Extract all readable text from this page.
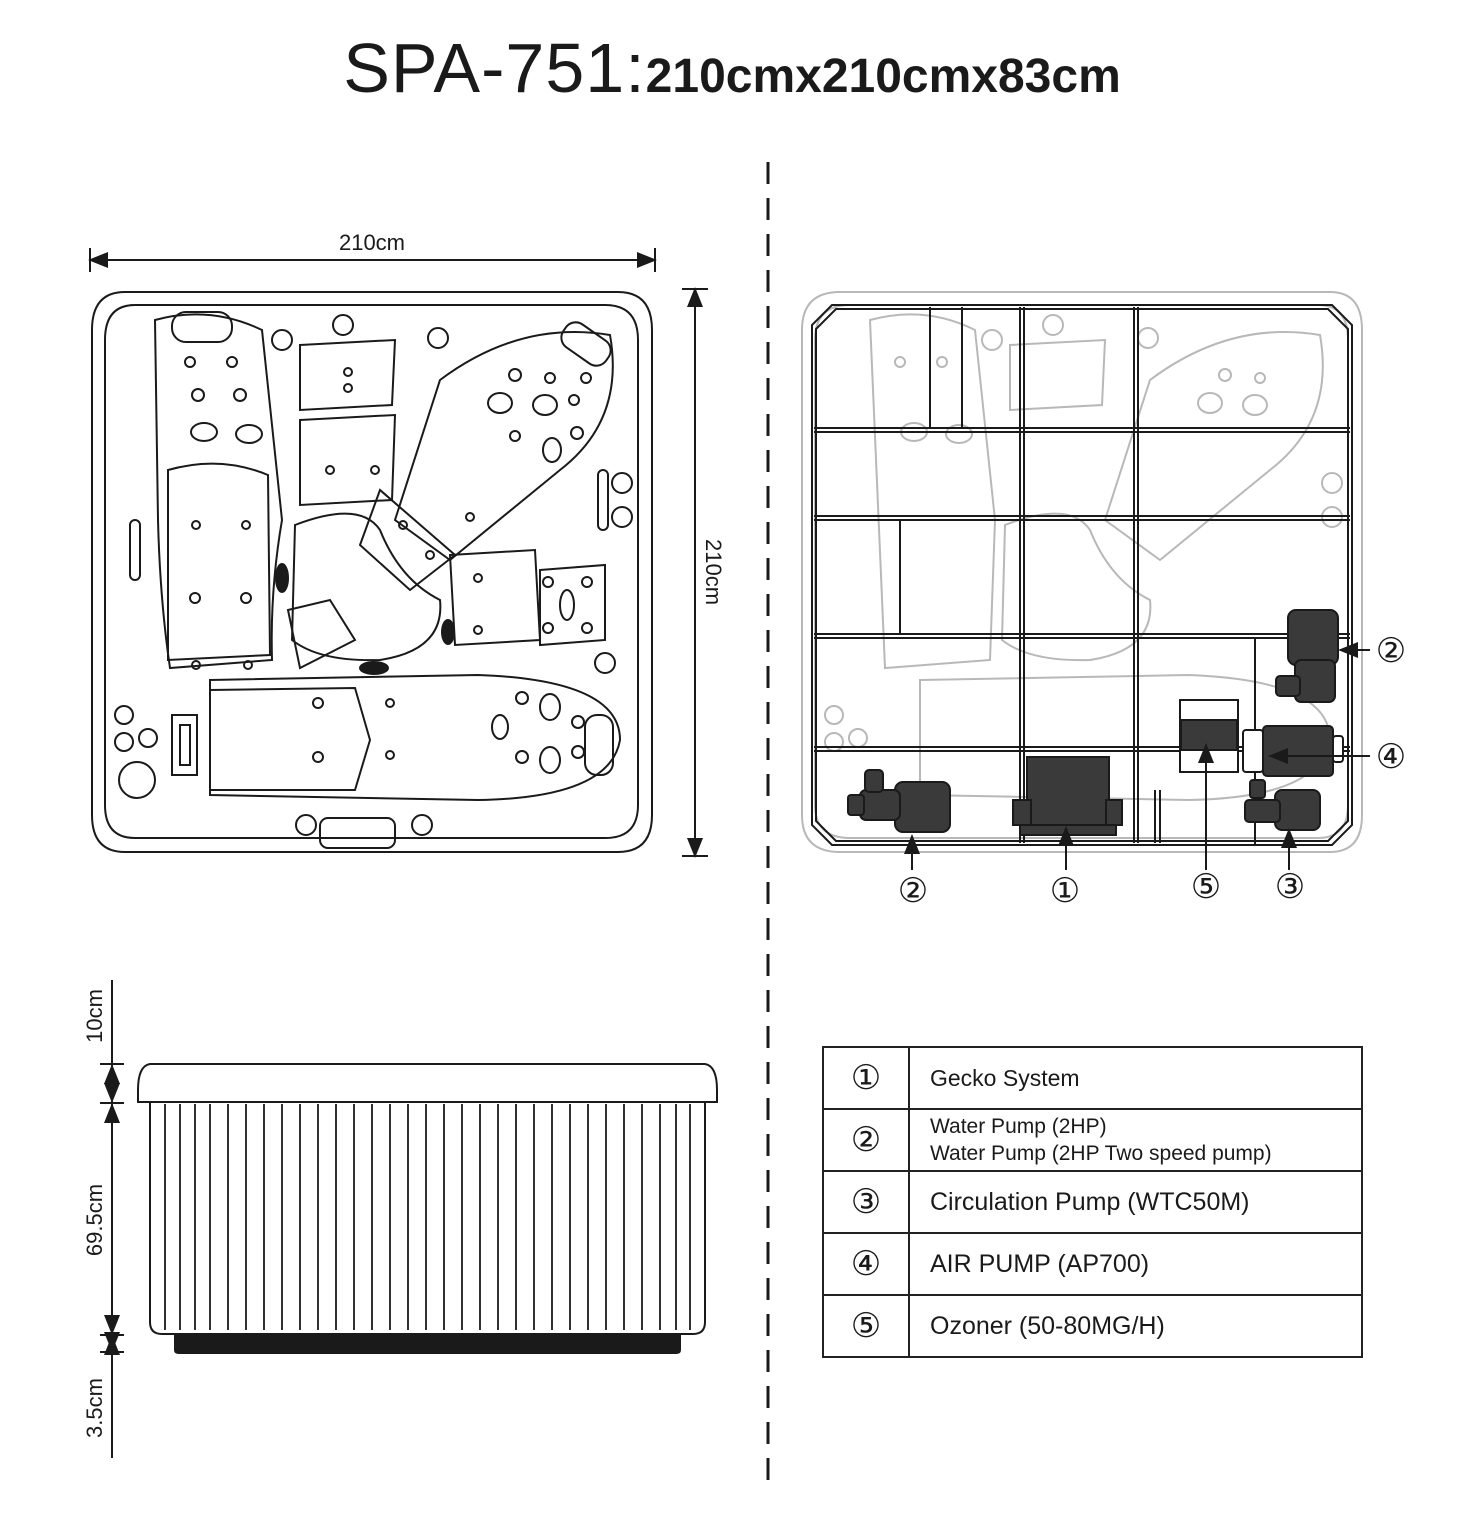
SPA-751:210cmx210cmx83cm
210cm
210cm
②	①	⑤ ③
②
④
10cm
69.5cm
3.5cm
①	Gecko System

②	Water Pump (2HP)
Water Pump (2HP Two speed pump)

③	Circulation Pump (WTC50M)
④	AIR PUMP (AP700)
⑤	Ozoner (50-80MG/H)
